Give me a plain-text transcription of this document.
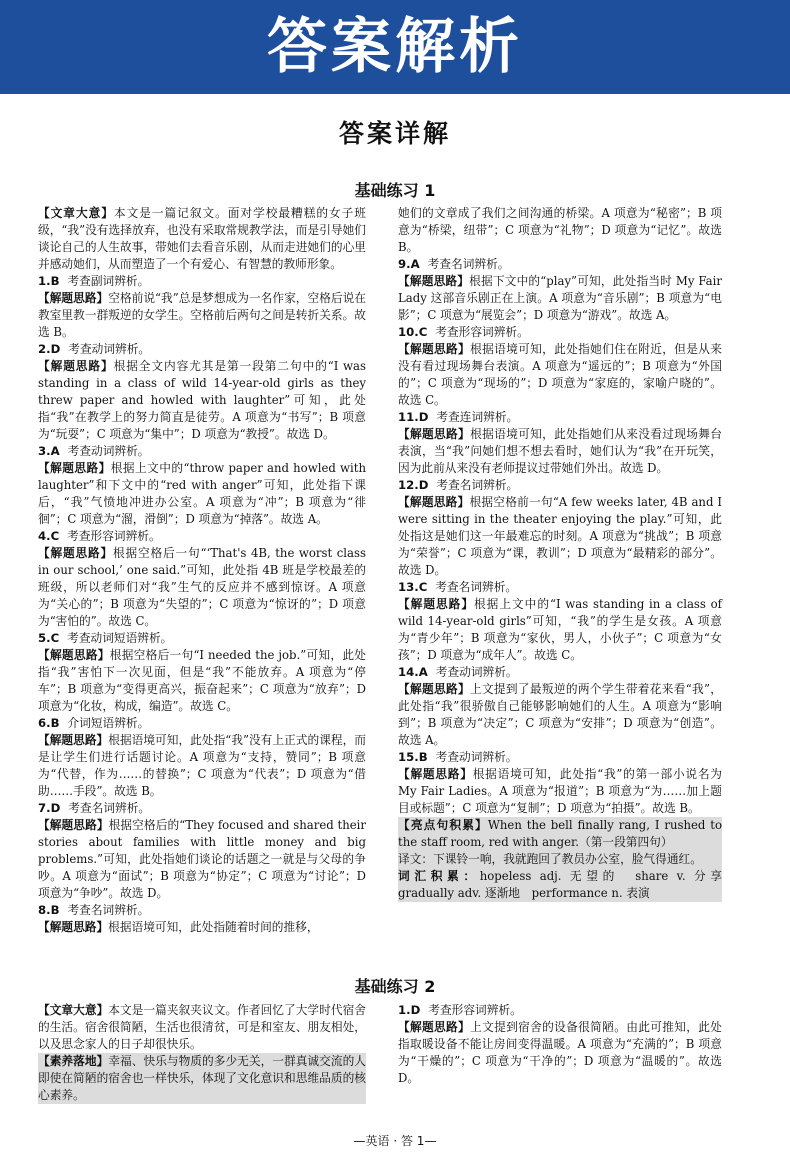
答案解析
答案详解
基础练习 1
【文章大意】本文是一篇记叙文。面对学校最糟糕的女子班级，“我”没有选择放弃，也没有采取常规教学法，而是引导她们谈论自己的人生故事，带她们去看音乐剧，从而走进她们的心里并感动她们，从而塑造了一个有爱心、有智慧的教师形象。
1.B 考查副词辨析。
【解题思路】空格前说“我”总是梦想成为一名作家，空格后说在教室里教一群叛逆的女学生。空格前后两句之间是转折关系。故选 B。
2.D 考查动词辨析。
【解题思路】根据全文内容尤其是第一段第二句中的“I was standing in a class of wild 14-year-old girls as they threw paper and howled with laughter”可知，此处指“我”在教学上的努力简直是徒劳。A 项意为“书写”；B 项意为“玩耍”；C 项意为“集中”；D 项意为“教授”。故选 D。
3.A 考查动词辨析。
【解题思路】根据上文中的“throw paper and howled with laughter”和下文中的“red with anger”可知，此处指下课后，“我”气愤地冲进办公室。A 项意为“冲”；B 项意为“徘徊”；C 项意为“溜，滑倒”；D 项意为“掉落”。故选 A。
4.C 考查形容词辨析。
【解题思路】根据空格后一句“‘That's 4B, the worst class in our school,’ one said.”可知，此处指 4B 班是学校最差的班级，所以老师们对“我”生气的反应并不感到惊讶。A 项意为“关心的”；B 项意为“失望的”；C 项意为“惊讶的”；D 项意为“害怕的”。故选 C。
5.C 考查动词短语辨析。
【解题思路】根据空格后一句“I needed the job.”可知，此处指“我”害怕下一次见面，但是“我”不能放弃。A 项意为“停车”；B 项意为“变得更高兴，振奋起来”；C 项意为“放弃”；D 项意为“化妆，构成，编造”。故选 C。
6.B 介词短语辨析。
【解题思路】根据语境可知，此处指“我”没有上正式的课程，而是让学生们进行话题讨论。A 项意为“支持，赞同”；B 项意为“代替，作为……的替换”；C 项意为“代表”；D 项意为“借助……手段”。故选 B。
7.D 考查名词辨析。
【解题思路】根据空格后的“They focused and shared their stories about families with little money and big problems.”可知，此处指她们谈论的话题之一就是与父母的争吵。A 项意为“面试”；B 项意为“协定”；C 项意为“讨论”；D 项意为“争吵”。故选 D。
8.B 考查名词辨析。
【解题思路】根据语境可知，此处指随着时间的推移，
她们的文章成了我们之间沟通的桥梁。A 项意为“秘密”；B 项意为“桥梁，纽带”；C 项意为“礼物”；D 项意为“记忆”。故选 B。
9.A 考查名词辨析。
【解题思路】根据下文中的“play”可知，此处指当时 My Fair Lady 这部音乐剧正在上演。A 项意为“音乐剧”；B 项意为“电影”；C 项意为“展览会”；D 项意为“游戏”。故选 A。
10.C 考查形容词辨析。
【解题思路】根据语境可知，此处指她们住在附近，但是从来没有看过现场舞台表演。A 项意为“遥远的”；B 项意为“外国的”；C 项意为“现场的”；D 项意为“家庭的，家喻户晓的”。故选 C。
11.D 考查连词辨析。
【解题思路】根据语境可知，此处指她们从来没看过现场舞台表演，当“我”问她们想不想去看时，她们认为“我”在开玩笑，因为此前从来没有老师提议过带她们外出。故选 D。
12.D 考查名词辨析。
【解题思路】根据空格前一句“A few weeks later, 4B and I were sitting in the theater enjoying the play.”可知，此处指这是她们这一年最难忘的时刻。A 项意为“挑战”；B 项意为“荣誉”；C 项意为“课，教训”；D 项意为“最精彩的部分”。故选 D。
13.C 考查名词辨析。
【解题思路】根据上文中的“I was standing in a class of wild 14-year-old girls”可知，“我”的学生是女孩。A 项意为“青少年”；B 项意为“家伙，男人，小伙子”；C 项意为“女孩”；D 项意为“成年人”。故选 C。
14.A 考查动词辨析。
【解题思路】上文提到了最叛逆的两个学生带着花来看“我”，此处指“我”很骄傲自己能够影响她们的人生。A 项意为“影响到”；B 项意为“决定”；C 项意为“安排”；D 项意为“创造”。故选 A。
15.B 考查动词辨析。
【解题思路】根据语境可知，此处指“我”的第一部小说名为 My Fair Ladies。A 项意为“报道”；B 项意为“为……加上题目或标题”；C 项意为“复制”；D 项意为“拍摄”。故选 B。
【亮点句积累】When the bell finally rang, I rushed to the staff room, red with anger.（第一段第四句）
译文：下课铃一响，我就跑回了教员办公室，脸气得通红。
词汇积累：hopeless adj. 无望的　share v. 分享　gradually adv. 逐渐地　performance n. 表演
基础练习 2
【文章大意】本文是一篇夹叙夹议文。作者回忆了大学时代宿舍的生活。宿舍很简陋，生活也很清贫，可是和室友、朋友相处，以及思念家人的日子却很快乐。
【素养落地】幸福、快乐与物质的多少无关，一群真诚交流的人即使在简陋的宿舍也一样快乐，体现了文化意识和思维品质的核心素养。
1.D 考查形容词辨析。
【解题思路】上文提到宿舍的设备很简陋。由此可推知，此处指取暖设备不能让房间变得温暖。A 项意为“充满的”；B 项意为“干燥的”；C 项意为“干净的”；D 项意为“温暖的”。故选 D。
—英语 · 答 1—
